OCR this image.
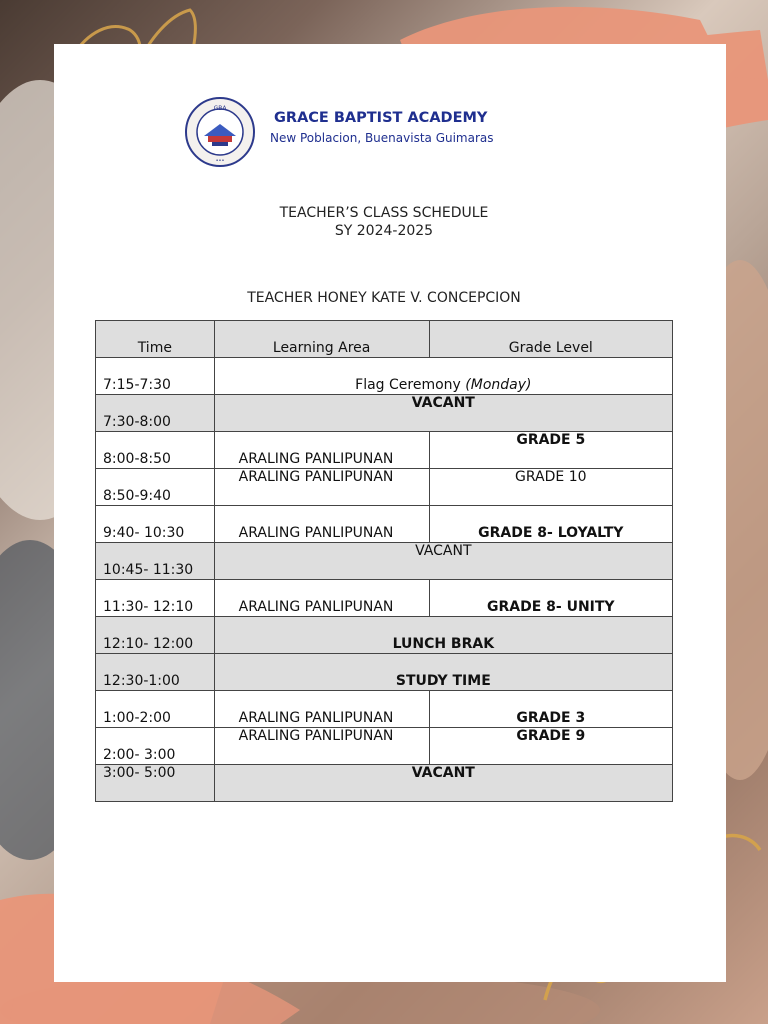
GBA
•••
GRACE BAPTIST ACADEMY
New Poblacion, Buenavista Guimaras
TEACHER’S CLASS SCHEDULE
SY 2024-2025
TEACHER HONEY KATE V. CONCEPCION
Time	Learning Area	Grade Level
7:15-7:30	Flag Ceremony (Monday)	
7:30-8:00	VACANT	
8:00-8:50	ARALING PANLIPUNAN	GRADE 5
8:50-9:40	ARALING PANLIPUNAN	GRADE 10
9:40- 10:30	ARALING PANLIPUNAN	GRADE 8- LOYALTY
10:45- 11:30	VACANT	
11:30- 12:10	ARALING PANLIPUNAN	GRADE 8- UNITY
12:10- 12:00	LUNCH BRAK	
12:30-1:00	STUDY TIME	
1:00-2:00	ARALING PANLIPUNAN	GRADE 3
2:00- 3:00	ARALING PANLIPUNAN	GRADE 9
3:00- 5:00	VACANT	
